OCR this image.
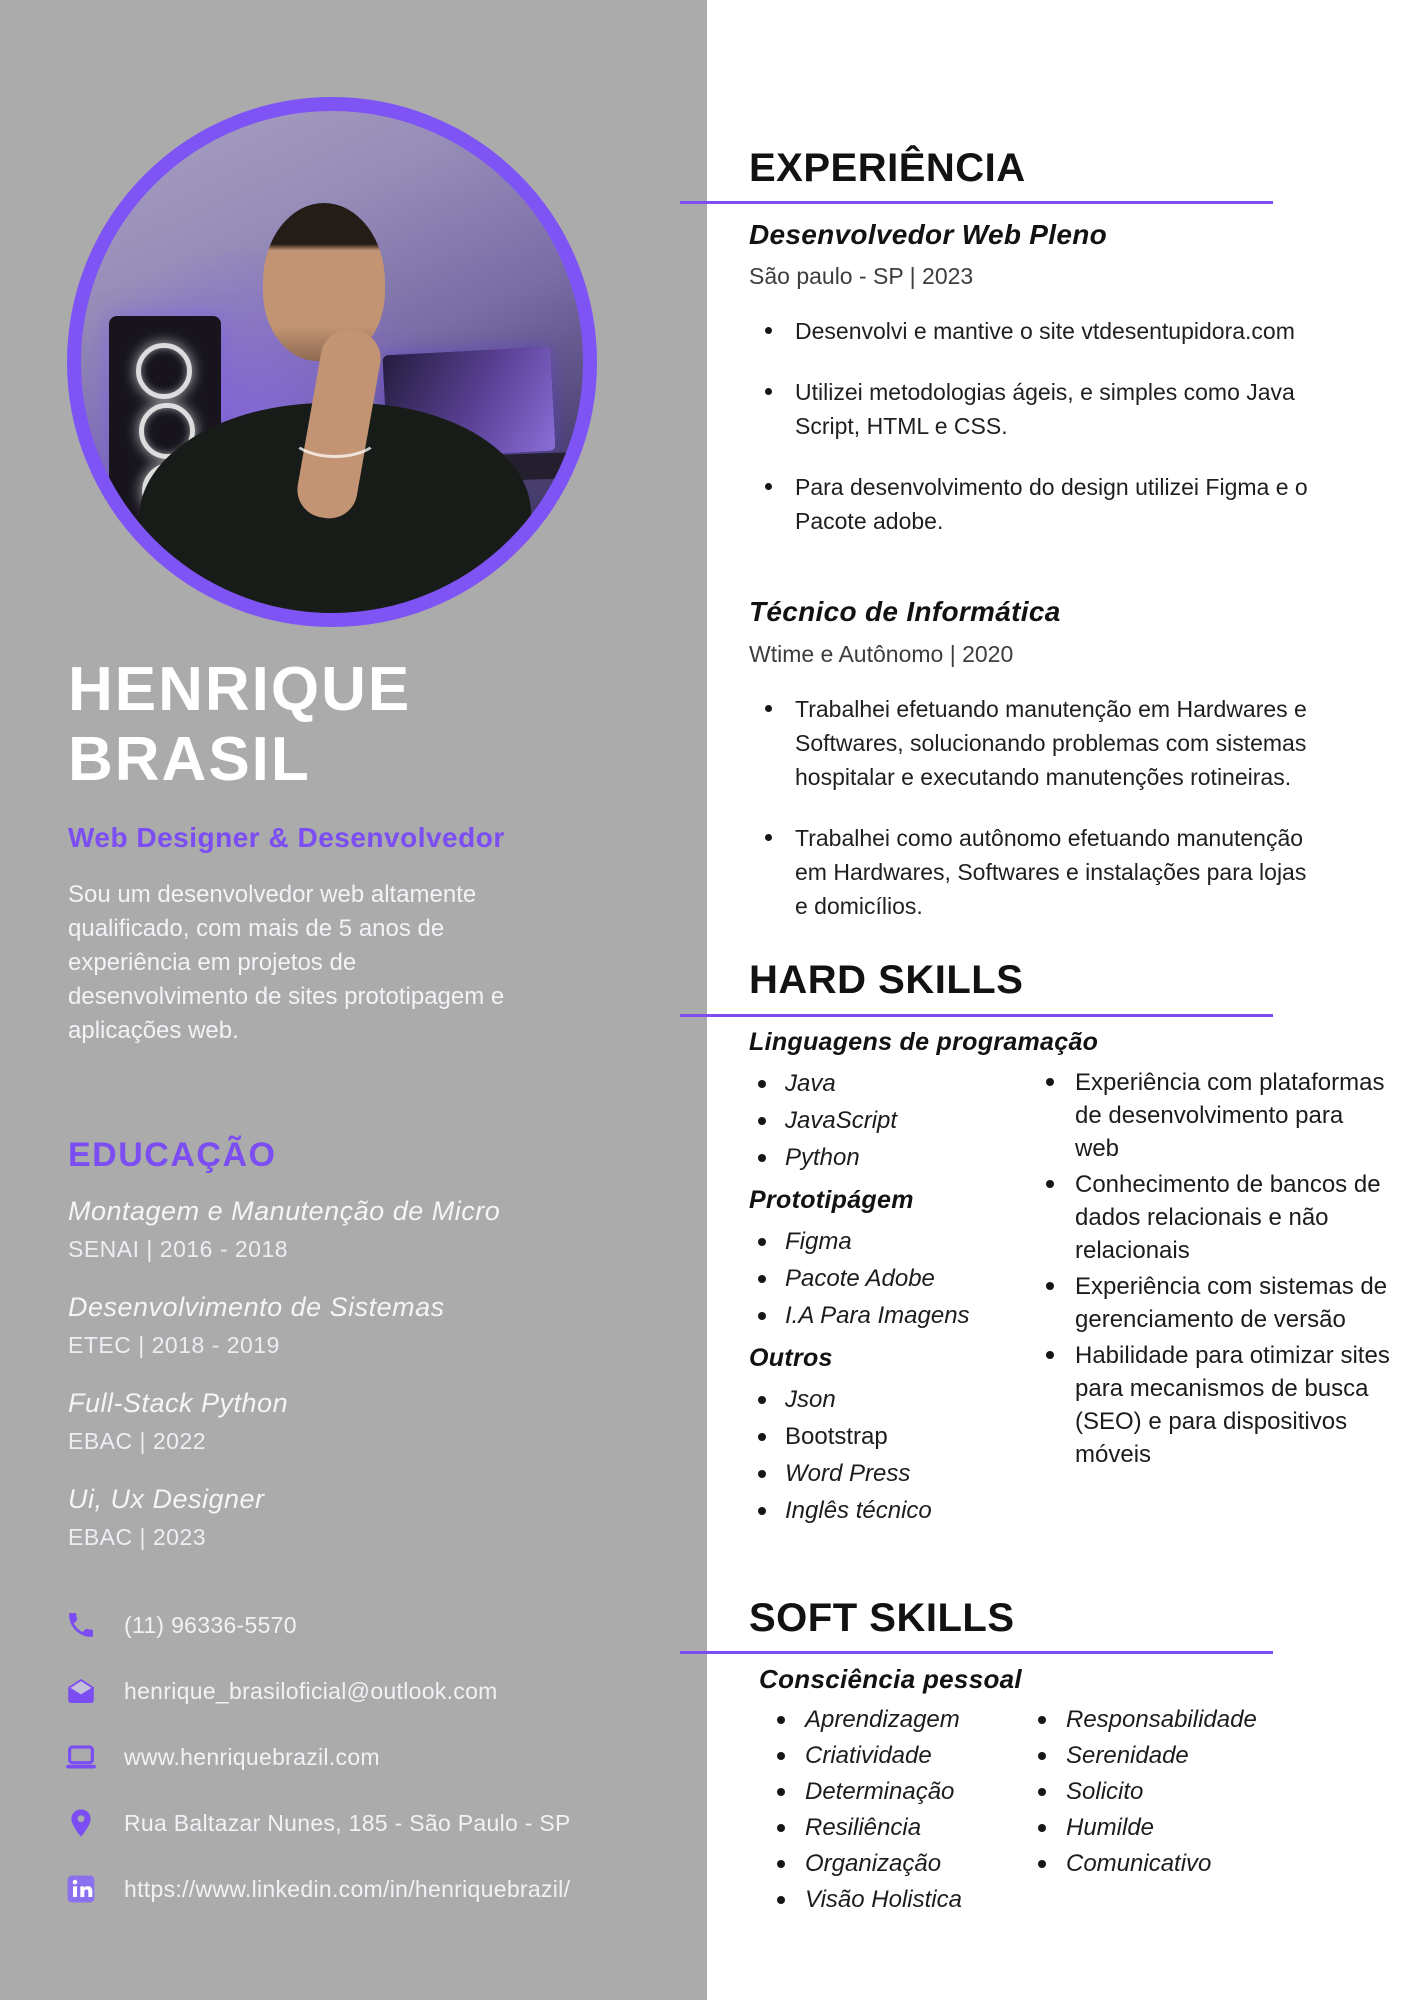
HENRIQUE
BRASIL
Web Designer & Desenvolvedor
Sou um desenvolvedor web altamente qualificado, com mais de 5 anos de experiência em projetos de desenvolvimento de sites prototipagem e aplicações web.
EDUCAÇÃO
Montagem e Manutenção de Micro
SENAI | 2016 - 2018
Desenvolvimento de Sistemas
ETEC | 2018 - 2019
Full-Stack Python
EBAC | 2022
Ui, Ux Designer
EBAC | 2023
(11) 96336-5570
henrique_brasiloficial@outlook.com
www.henriquebrazil.com
Rua Baltazar Nunes, 185 - São Paulo - SP
https://www.linkedin.com/in/henriquebrazil/
EXPERIÊNCIA
Desenvolvedor Web Pleno
São paulo - SP | 2023
Desenvolvi e mantive o site vtdesentupidora.com
Utilizei metodologias ágeis, e simples como Java Script, HTML e CSS.
Para desenvolvimento do design utilizei Figma e o Pacote adobe.
Técnico de Informática
Wtime e Autônomo | 2020
Trabalhei efetuando manutenção em Hardwares e Softwares, solucionando problemas com sistemas hospitalar e executando manutenções rotineiras.
Trabalhei como autônomo efetuando manutenção em Hardwares, Softwares e instalações para lojas e domicílios.
HARD SKILLS
Linguagens de programação
Java
JavaScript
Python
Prototipágem
Figma
Pacote Adobe
I.A Para Imagens
Outros
Json
Bootstrap
Word Press
Inglês técnico
Experiência com plataformas de desenvolvimento para web
Conhecimento de bancos de dados relacionais e não relacionais
Experiência com sistemas de gerenciamento de versão
Habilidade para otimizar sites para mecanismos de busca (SEO) e para dispositivos móveis
SOFT SKILLS
Consciência pessoal
Aprendizagem
Criatividade
Determinação
Resiliência
Organização
Visão Holistica
Responsabilidade
Serenidade
Solicito
Humilde
Comunicativo
